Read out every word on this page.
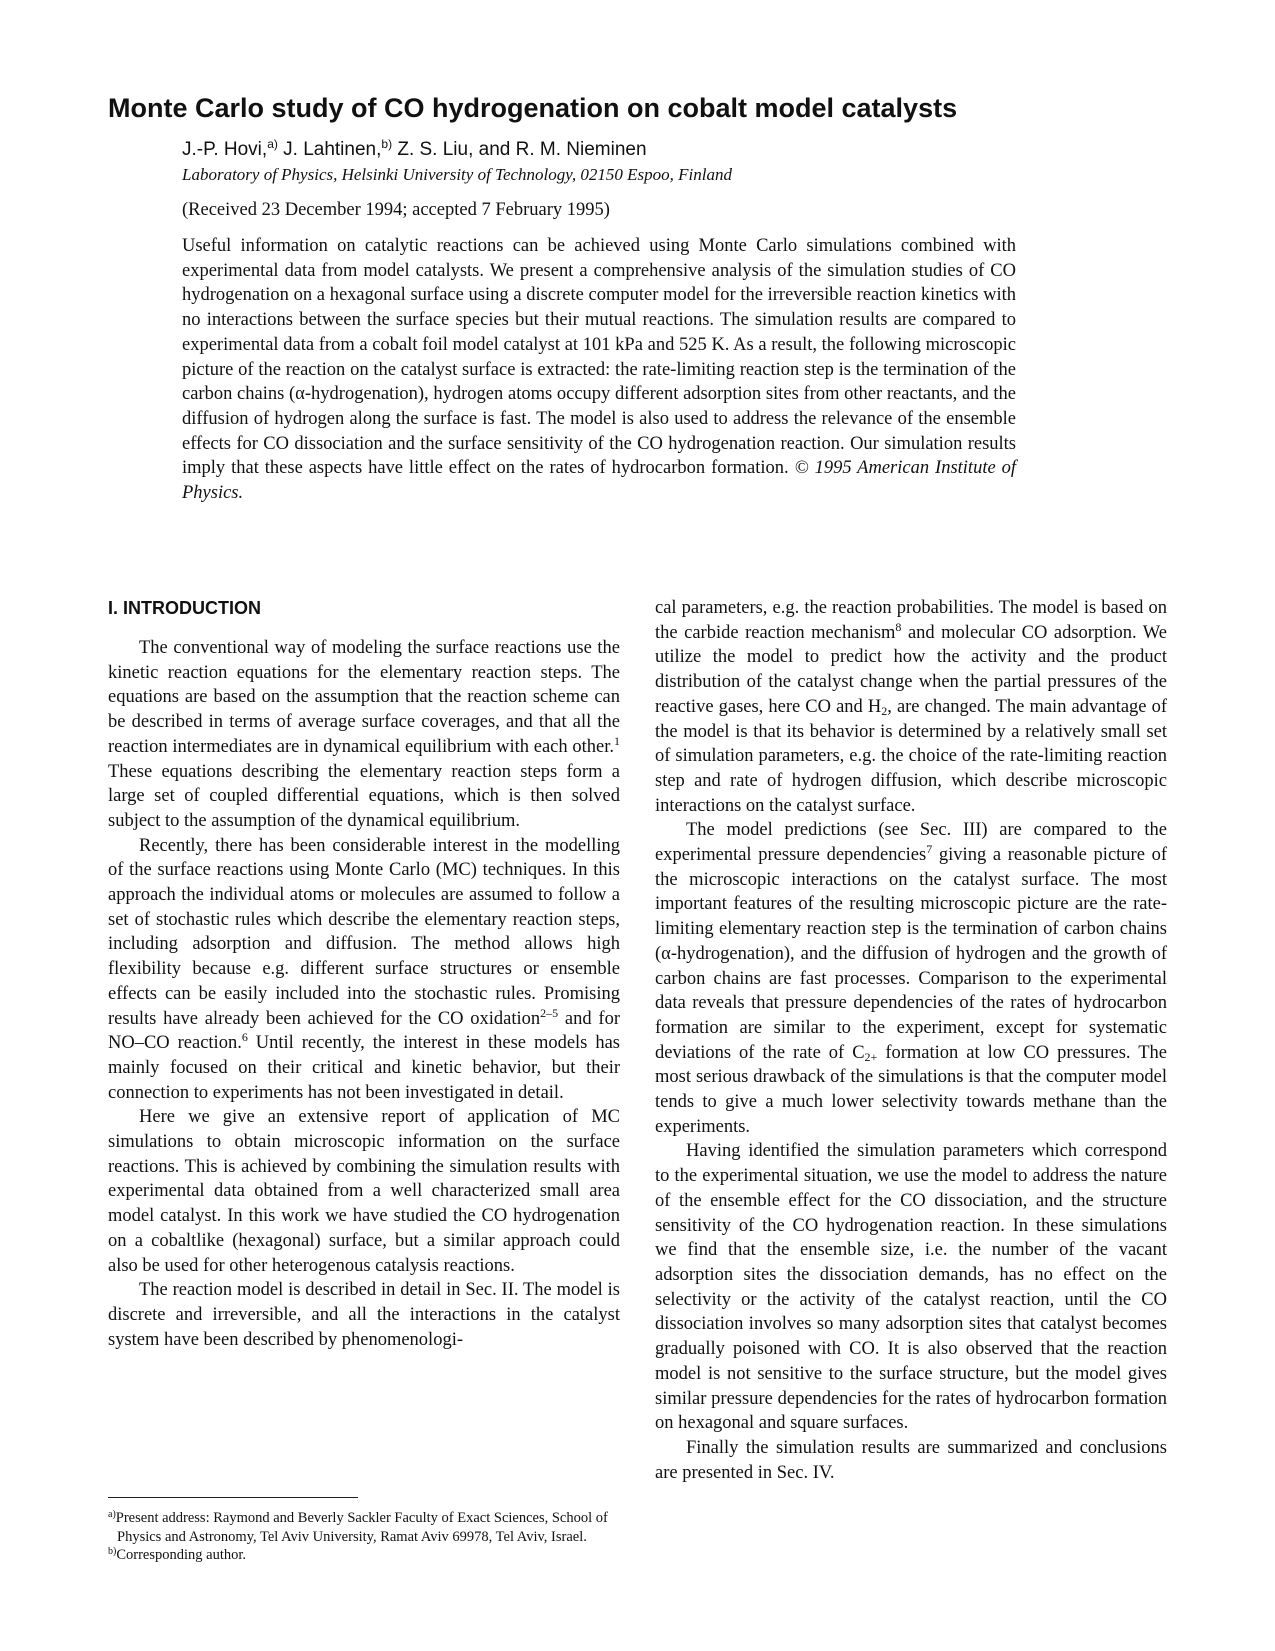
Monte Carlo study of CO hydrogenation on cobalt model catalysts
J.-P. Hovi,$^{a)}$ J. Lahtinen,$^{b)}$ Z. S. Liu, and R. M. Nieminen
Laboratory of Physics, Helsinki University of Technology, 02150 Espoo, Finland
(Received 23 December 1994; accepted 7 February 1995)
Useful information on catalytic reactions can be achieved using Monte Carlo simulations combined with experimental data from model catalysts. We present a comprehensive analysis of the simulation studies of CO hydrogenation on a hexagonal surface using a discrete computer model for the irreversible reaction kinetics with no interactions between the surface species but their mutual reactions. The simulation results are compared to experimental data from a cobalt foil model catalyst at 101 kPa and 525 K. As a result, the following microscopic picture of the reaction on the catalyst surface is extracted: the rate-limiting reaction step is the termination of the carbon chains (α-hydrogenation), hydrogen atoms occupy different adsorption sites from other reactants, and the diffusion of hydrogen along the surface is fast. The model is also used to address the relevance of the ensemble effects for CO dissociation and the surface sensitivity of the CO hydrogenation reaction. Our simulation results imply that these aspects have little effect on the rates of hydrocarbon formation. © 1995 American Institute of Physics.
I. INTRODUCTION

The conventional way of modeling the surface reactions use the kinetic reaction equations for the elementary reaction steps. The equations are based on the assumption that the reaction scheme can be described in terms of average surface coverages, and that all the reaction intermediates are in dynamical equilibrium with each other.$^1$ These equations describing the elementary reaction steps form a large set of coupled differential equations, which is then solved subject to the assumption of the dynamical equilibrium.

Recently, there has been considerable interest in the modelling of the surface reactions using Monte Carlo (MC) techniques. In this approach the individual atoms or molecules are assumed to follow a set of stochastic rules which describe the elementary reaction steps, including adsorption and diffusion. The method allows high flexibility because e.g. different surface structures or ensemble effects can be easily included into the stochastic rules. Promising results have already been achieved for the CO oxidation$^{2-5}$ and for NO–CO reaction.$^6$ Until recently, the interest in these models has mainly focused on their critical and kinetic behavior, but their connection to experiments has not been investigated in detail.

Here we give an extensive report of application of MC simulations to obtain microscopic information on the surface reactions. This is achieved by combining the simulation results with experimental data obtained from a well characterized small area model catalyst. In this work we have studied the CO hydrogenation on a cobaltlike (hexagonal) surface, but a similar approach could also be used for other heterogenous catalysis reactions.

The reaction model is described in detail in Sec. II. The model is discrete and irreversible, and all the interactions in the catalyst system have been described by phenomenologi-

cal parameters, e.g. the reaction probabilities. The model is based on the carbide reaction mechanism$^8$ and molecular CO adsorption. We utilize the model to predict how the activity and the product distribution of the catalyst change when the partial pressures of the reactive gases, here CO and $H_2$, are changed. The main advantage of the model is that its behavior is determined by a relatively small set of simulation parameters, e.g. the choice of the rate-limiting reaction step and rate of hydrogen diffusion, which describe microscopic interactions on the catalyst surface.

The model predictions (see Sec. III) are compared to the experimental pressure dependencies$^7$ giving a reasonable picture of the microscopic interactions on the catalyst surface. The most important features of the resulting microscopic picture are the rate-limiting elementary reaction step is the termination of carbon chains (α-hydrogenation), and the diffusion of hydrogen and the growth of carbon chains are fast processes. Comparison to the experimental data reveals that pressure dependencies of the rates of hydrocarbon formation are similar to the experiment, except for systematic deviations of the rate of $C_{2+}$ formation at low CO pressures. The most serious drawback of the simulations is that the computer model tends to give a much lower selectivity towards methane than the experiments.

Having identified the simulation parameters which correspond to the experimental situation, we use the model to address the nature of the ensemble effect for the CO dissociation, and the structure sensitivity of the CO hydrogenation reaction. In these simulations we find that the ensemble size, i.e. the number of the vacant adsorption sites the dissociation demands, has no effect on the selectivity or the activity of the catalyst reaction, until the CO dissociation involves so many adsorption sites that catalyst becomes gradually poisoned with CO. It is also observed that the reaction model is not sensitive to the surface structure, but the model gives similar pressure dependencies for the rates of hydrocarbon formation on hexagonal and square surfaces.

Finally the simulation results are summarized and conclusions are presented in Sec. IV.

$^{a)}$Present address: Raymond and Beverly Sackler Faculty of Exact Sciences, School of Physics and Astronomy, Tel Aviv University, Ramat Aviv 69978, Tel Aviv, Israel.

$^{b)}$Corresponding author.
